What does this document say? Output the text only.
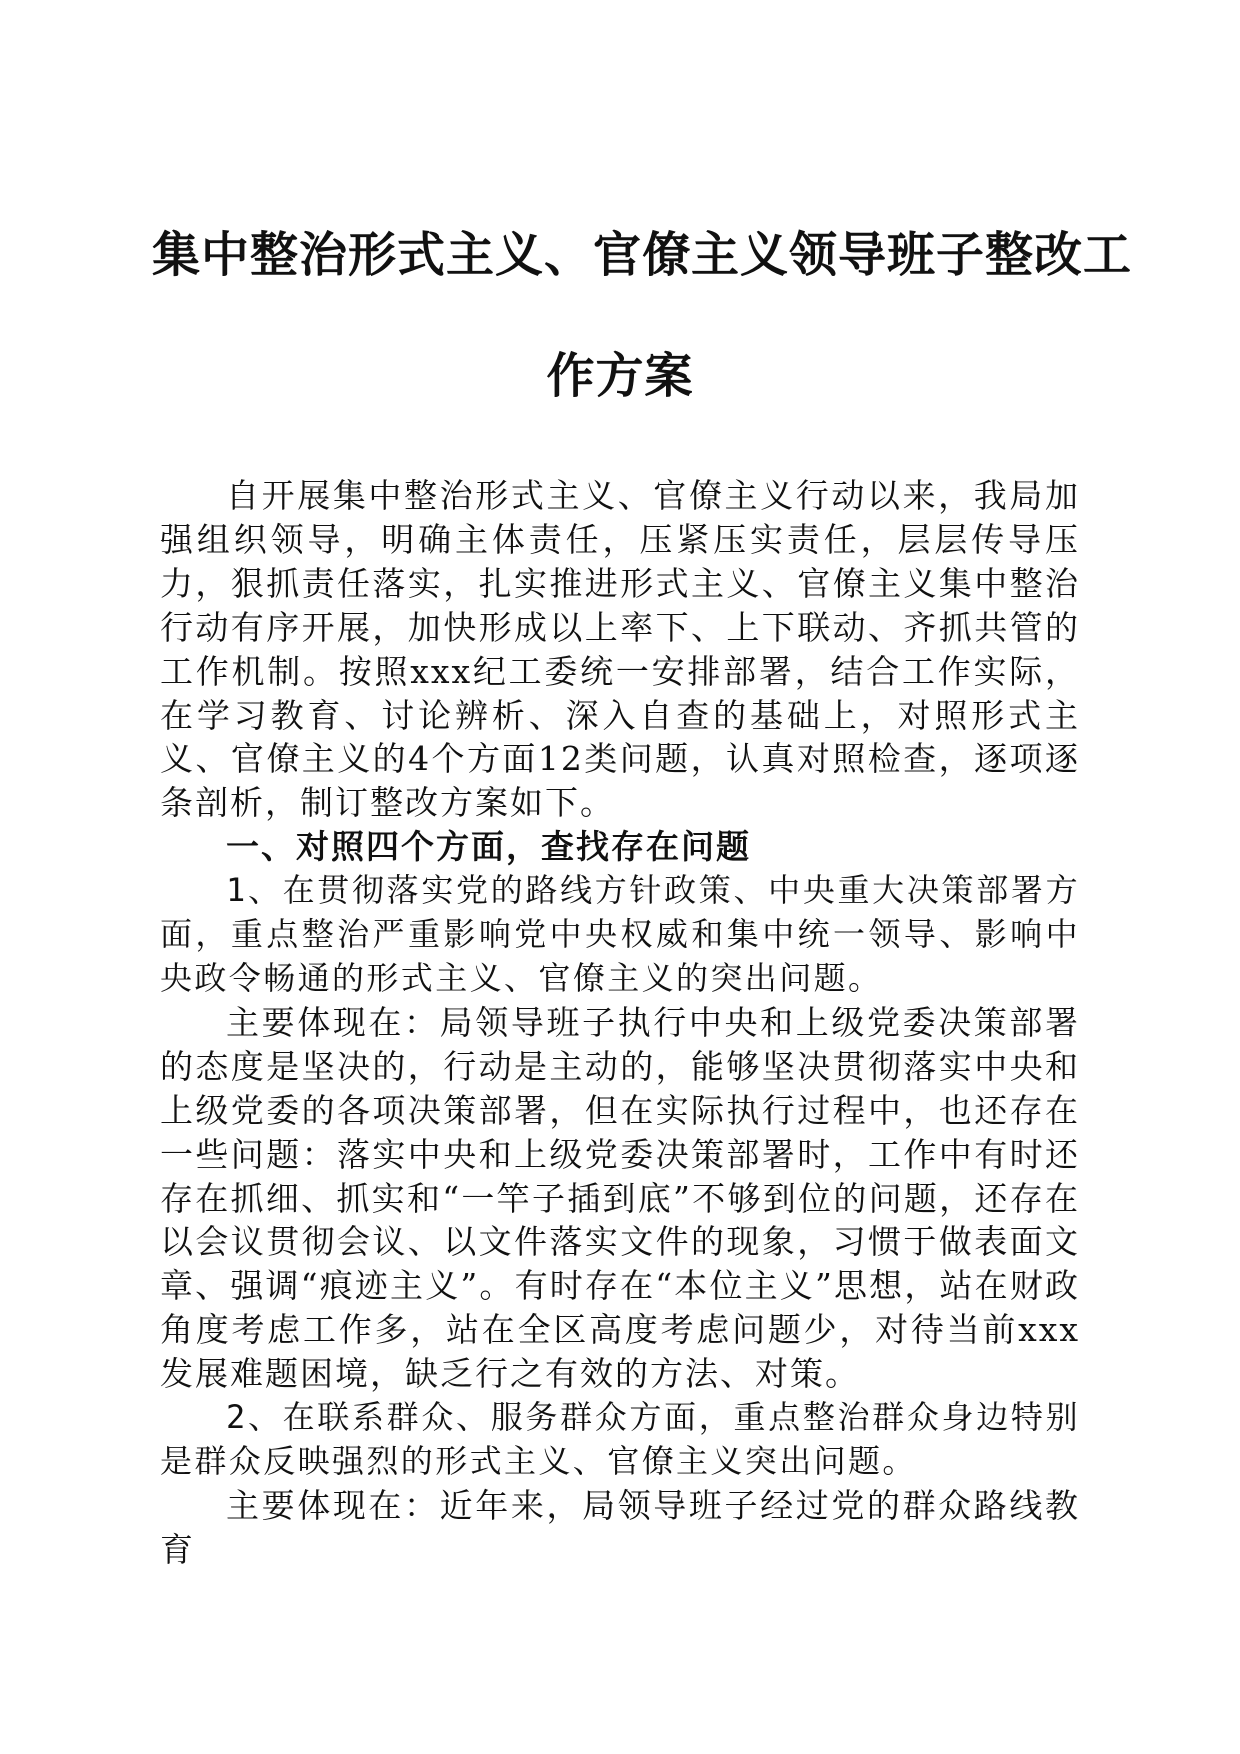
集中整治形式主义、官僚主义领导班子整改工
作方案

自开展集中整治形式主义、官僚主义行动以来，我局加强组织领导，明确主体责任，压紧压实责任，层层传导压力，狠抓责任落实，扎实推进形式主义、官僚主义集中整治行动有序开展，加快形成以上率下、上下联动、齐抓共管的工作机制。按照xxx纪工委统一安排部署，结合工作实际，在学习教育、讨论辨析、深入自查的基础上，对照形式主义、官僚主义的4个方面12类问题，认真对照检查，逐项逐条剖析，制订整改方案如下。

一、对照四个方面，查找存在问题

1、在贯彻落实党的路线方针政策、中央重大决策部署方面，重点整治严重影响党中央权威和集中统一领导、影响中央政令畅通的形式主义、官僚主义的突出问题。

主要体现在：局领导班子执行中央和上级党委决策部署的态度是坚决的，行动是主动的，能够坚决贯彻落实中央和上级党委的各项决策部署，但在实际执行过程中，也还存在一些问题：落实中央和上级党委决策部署时，工作中有时还存在抓细、抓实和“一竿子插到底”不够到位的问题，还存在以会议贯彻会议、以文件落实文件的现象，习惯于做表面文章、强调“痕迹主义”。有时存在“本位主义”思想，站在财政角度考虑工作多，站在全区高度考虑问题少，对待当前xxx发展难题困境，缺乏行之有效的方法、对策。

2、在联系群众、服务群众方面，重点整治群众身边特别是群众反映强烈的形式主义、官僚主义突出问题。

主要体现在：近年来，局领导班子经过党的群众路线教育
